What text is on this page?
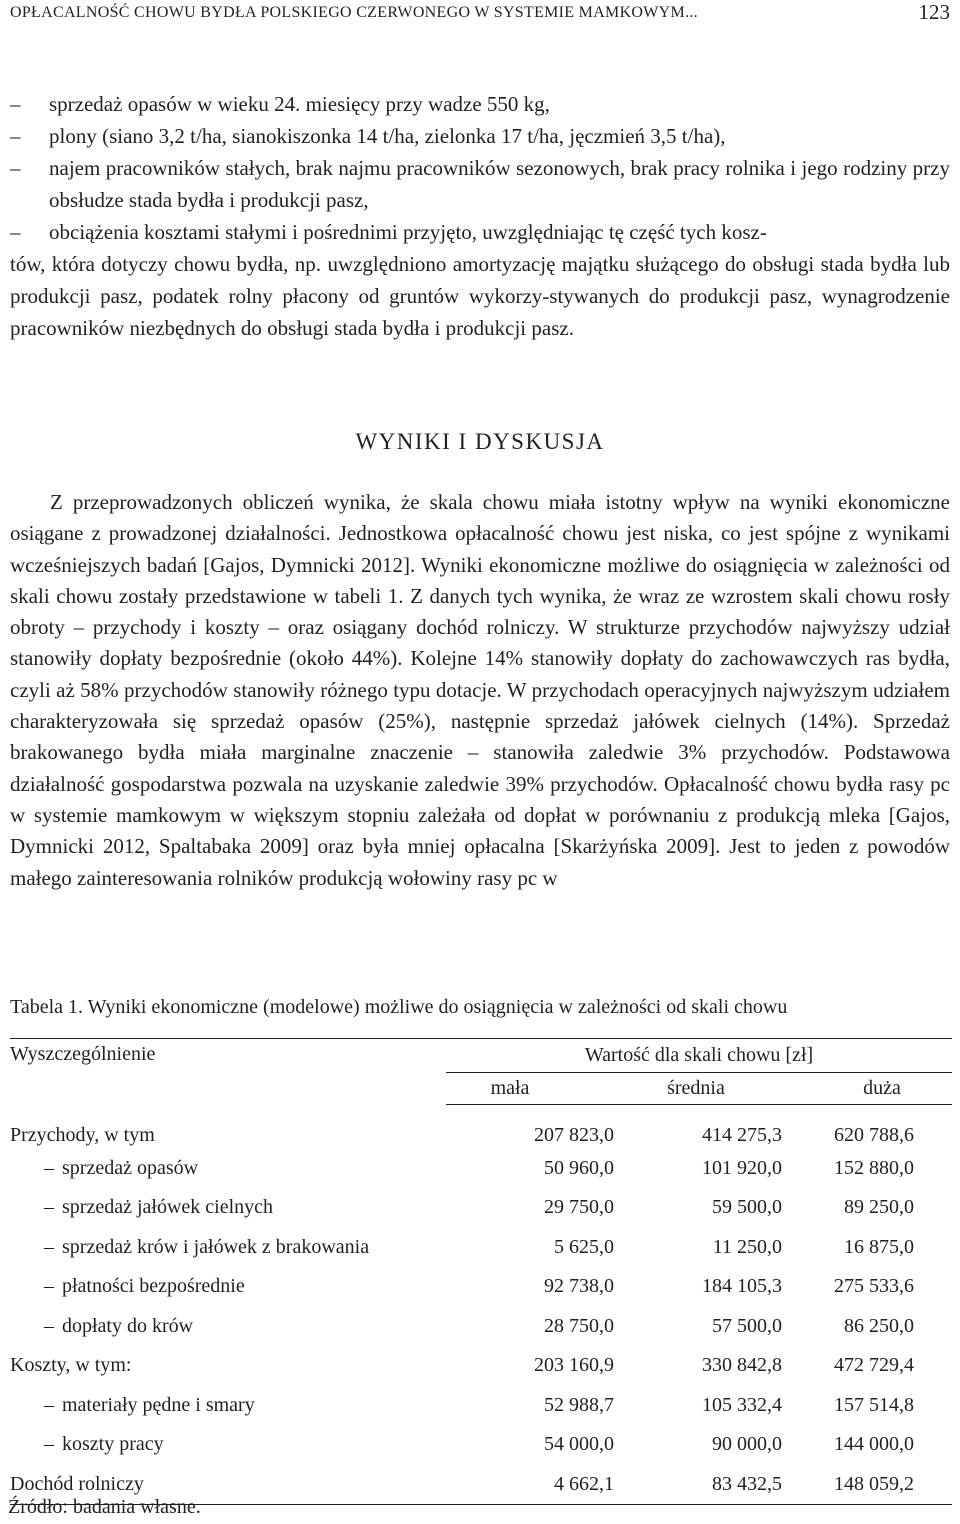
OPŁACALNOŚĆ CHOWU BYDŁA POLSKIEGO CZERWONEGO W SYSTEMIE MAMKOWYM...	123
– sprzedaż opasów w wieku 24. miesięcy przy wadze 550 kg,
– plony (siano 3,2 t/ha, sianokiszonka 14 t/ha, zielonka 17 t/ha, jęczmień 3,5 t/ha),
– najem pracowników stałych, brak najmu pracowników sezonowych, brak pracy rolnika i jego rodziny przy obsłudze stada bydła i produkcji pasz,
– obciążenia kosztami stałymi i pośrednimi przyjęto, uwzględniając tę część tych kosz-
tów, która dotyczy chowu bydła, np. uwzględniono amortyzację majątku służącego do obsługi stada bydła lub produkcji pasz, podatek rolny płacony od gruntów wykorzy-stywanych do produkcji pasz, wynagrodzenie pracowników niezbędnych do obsługi stada bydła i produkcji pasz.
WYNIKI I DYSKUSJA
Z przeprowadzonych obliczeń wynika, że skala chowu miała istotny wpływ na wyniki ekonomiczne osiągane z prowadzonej działalności. Jednostkowa opłacalność chowu jest niska, co jest spójne z wynikami wcześniejszych badań [Gajos, Dymnicki 2012]. Wyniki ekonomiczne możliwe do osiągnięcia w zależności od skali chowu zostały przedstawione w tabeli 1. Z danych tych wynika, że wraz ze wzrostem skali chowu rosły obroty – przychody i koszty – oraz osiągany dochód rolniczy. W strukturze przychodów najwyższy udział stanowiły dopłaty bezpośrednie (około 44%). Kolejne 14% stanowiły dopłaty do zachowawczych ras bydła, czyli aż 58% przychodów stanowiły różnego typu dotacje. W przychodach operacyjnych najwyższym udziałem charakteryzowała się sprzedaż opasów (25%), następnie sprzedaż jałówek cielnych (14%). Sprzedaż brakowanego bydła miała marginalne znaczenie – stanowiła zaledwie 3% przychodów. Podstawowa działalność gospodarstwa pozwala na uzyskanie zaledwie 39% przychodów. Opłacalność chowu bydła rasy pc w systemie mamkowym w większym stopniu zależała od dopłat w porównaniu z produkcją mleka [Gajos, Dymnicki 2012, Spaltabaka 2009] oraz była mniej opłacalna [Skarżyńska 2009]. Jest to jeden z powodów małego zainteresowania rolników produkcją wołowiny rasy pc w
Tabela 1. Wyniki ekonomiczne (modelowe) możliwe do osiągnięcia w zależności od skali chowu
Wyszczególnienie	Wartość dla skali chowu [zł]		
	mała	średnia	duża
Przychody, w tym	207 823,0	414 275,3	620 788,6
– sprzedaż opasów	50 960,0	101 920,0	152 880,0
– sprzedaż jałówek cielnych	29 750,0	59 500,0	89 250,0
– sprzedaż krów i jałówek z brakowania	5 625,0	11 250,0	16 875,0
– płatności bezpośrednie	92 738,0	184 105,3	275 533,6
– dopłaty do krów	28 750,0	57 500,0	86 250,0
Koszty, w tym:	203 160,9	330 842,8	472 729,4
– materiały pędne i smary	52 988,7	105 332,4	157 514,8
– koszty pracy	54 000,0	90 000,0	144 000,0
Dochód rolniczy	4 662,1	83 432,5	148 059,2
Źródło: badania własne.
